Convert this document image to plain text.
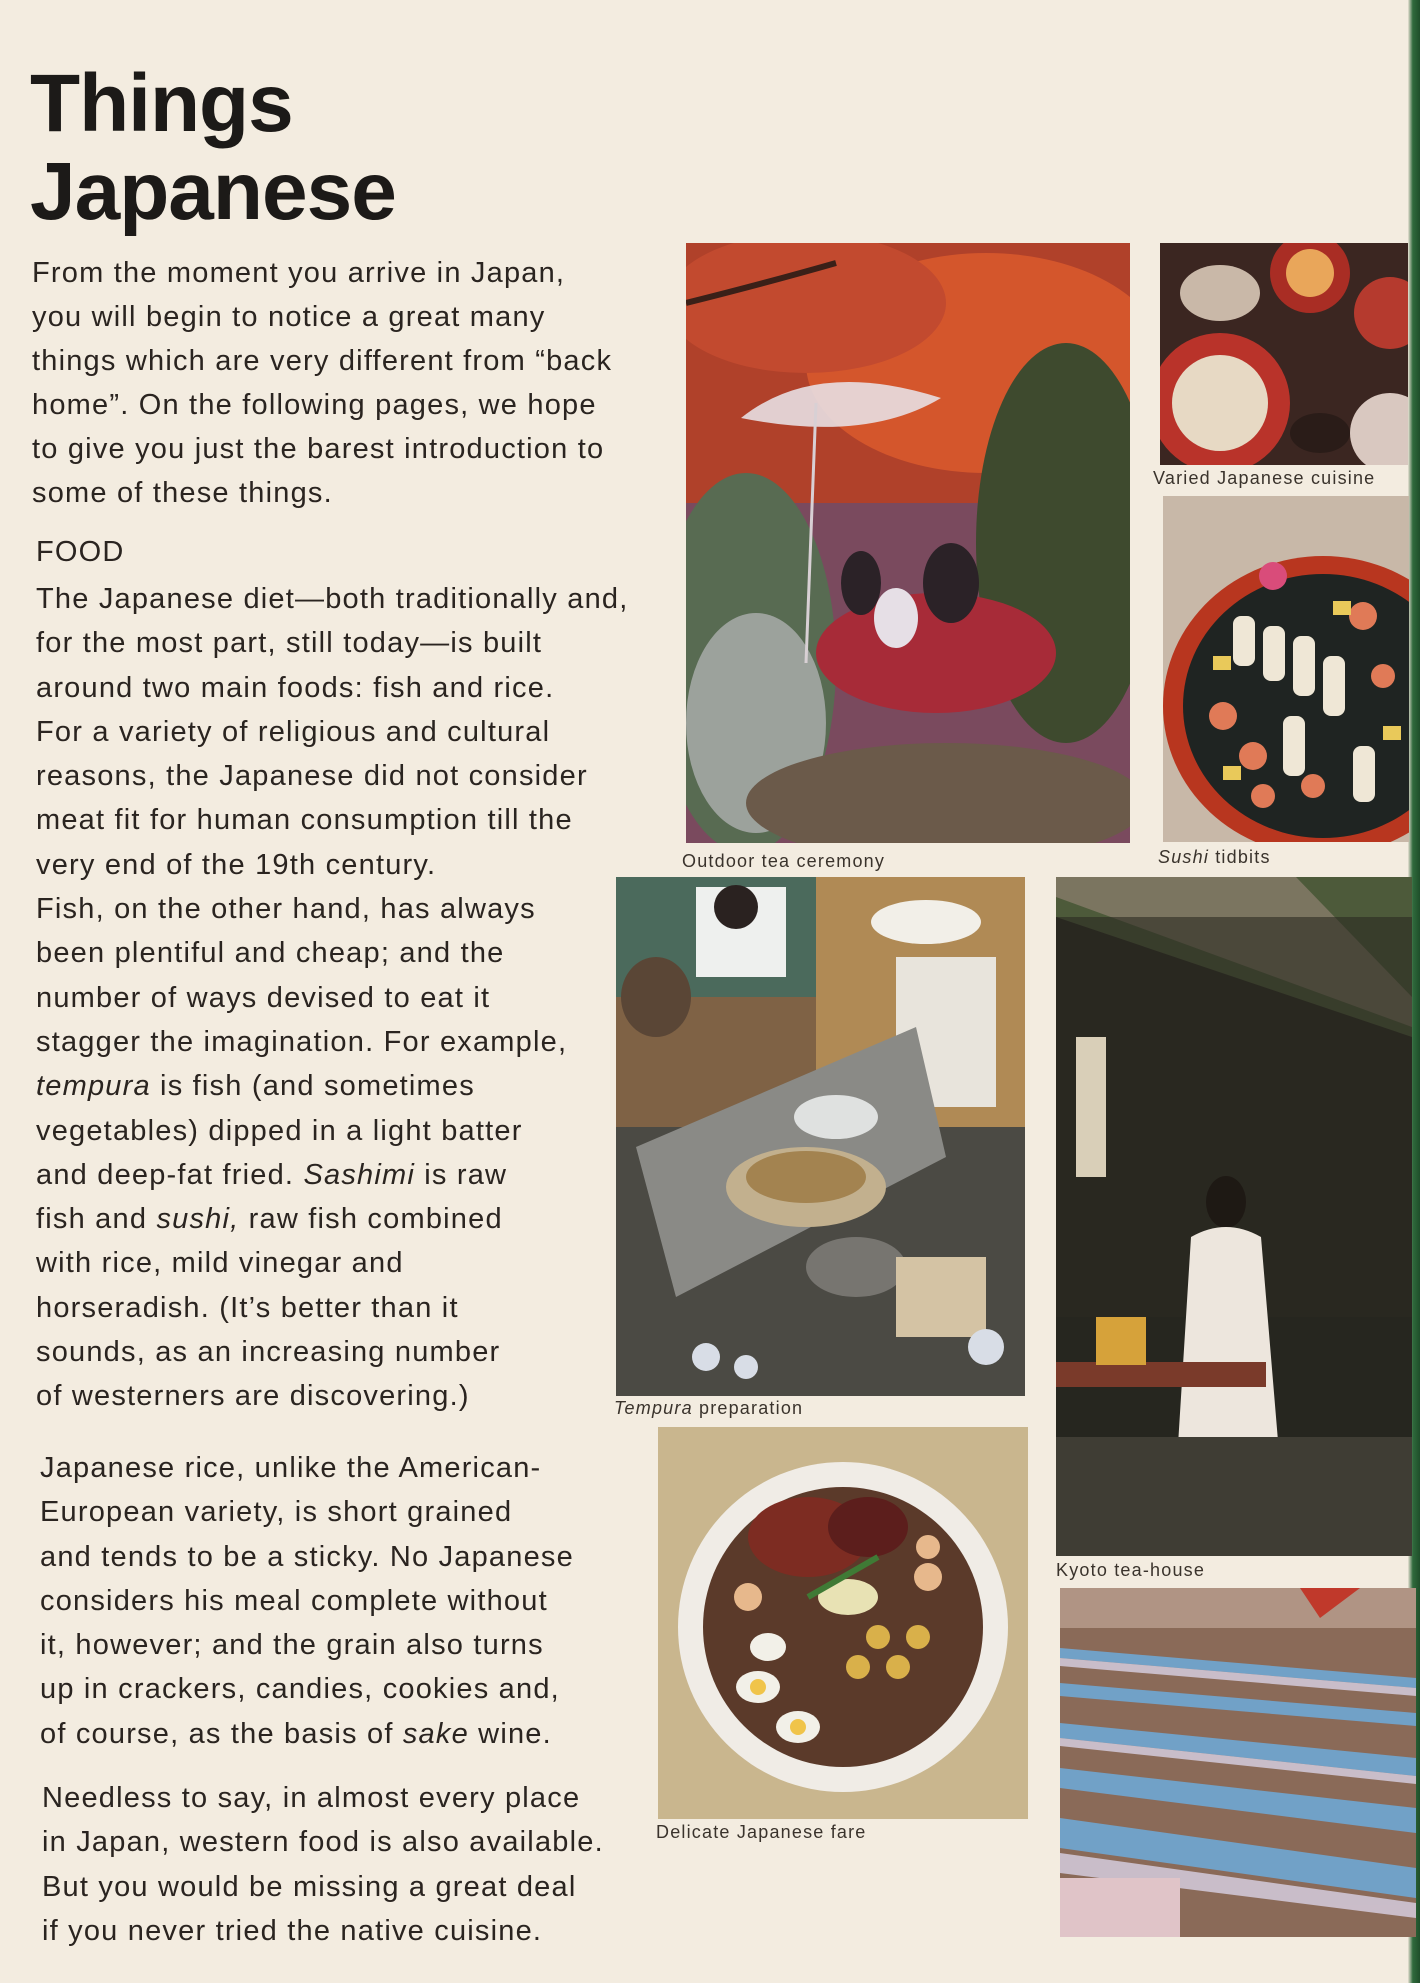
Things
Japanese
From the moment you arrive in Japan,
you will begin to notice a great many
things which are very different from “back
home”. On the following pages, we hope
to give you just the barest introduction to
some of these things.
FOOD
The Japanese diet—both traditionally and,
for the most part, still today—is built
around two main foods: fish and rice.
For a variety of religious and cultural
reasons, the Japanese did not consider
meat fit for human consumption till the
very end of the 19th century.
Fish, on the other hand, has always
been plentiful and cheap; and the
number of ways devised to eat it
stagger the imagination. For example,
tempura is fish (and sometimes
vegetables) dipped in a light batter
and deep-fat fried. Sashimi is raw
fish and sushi, raw fish combined
with rice, mild vinegar and
horseradish. (It’s better than it
sounds, as an increasing number
of westerners are discovering.)
Japanese rice, unlike the American-
European variety, is short grained
and tends to be a sticky. No Japanese
considers his meal complete without
it, however; and the grain also turns
up in crackers, candies, cookies and,
of course, as the basis of sake wine.
Needless to say, in almost every place
in Japan, western food is also available.
But you would be missing a great deal
if you never tried the native cuisine.
Varied Japanese cuisine
Sushi tidbits
Outdoor tea ceremony
Tempura preparation
Kyoto tea-house
Delicate Japanese fare
